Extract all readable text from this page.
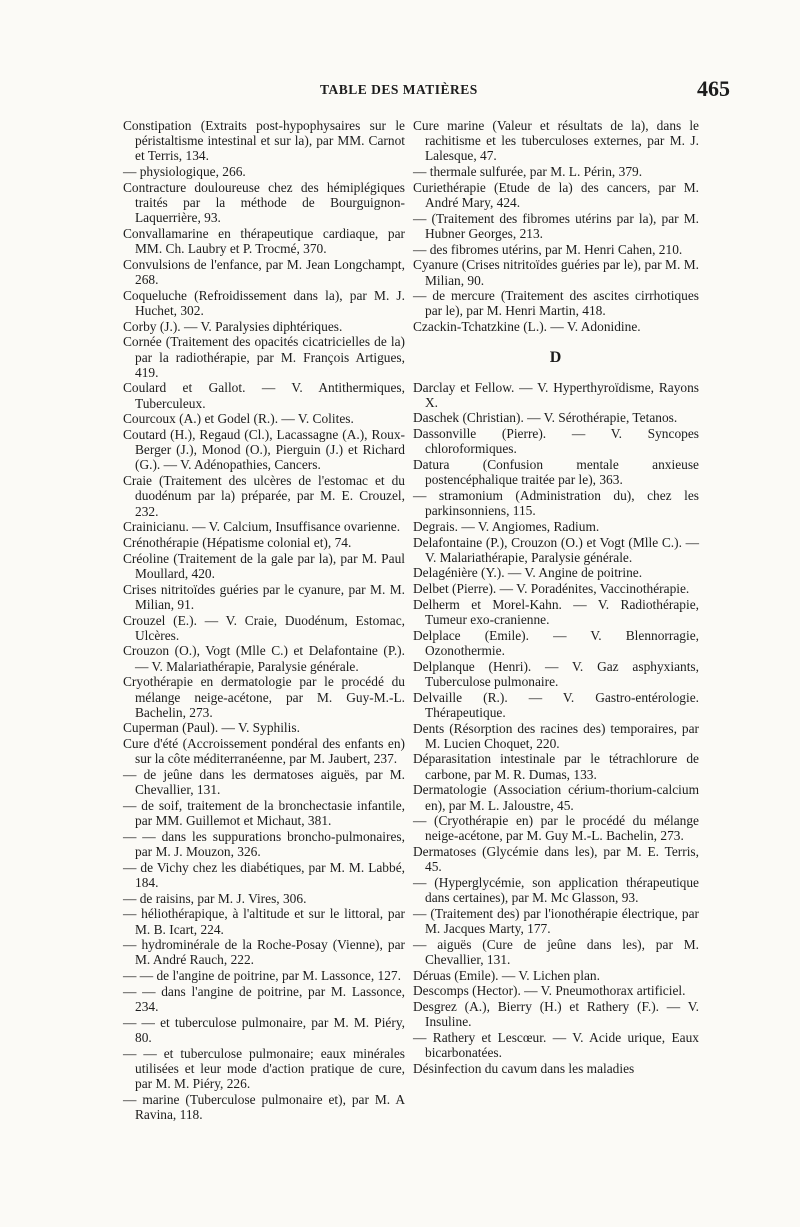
TABLE DES MATIÈRES	465

Constipation (Extraits post-hypophysaires sur le péristaltisme intestinal et sur la), par MM. Carnot et Terris, 134.

— physiologique, 266.

Contracture douloureuse chez des hémiplégiques traités par la méthode de Bourguignon-Laquerrière, 93.

Convallamarine en thérapeutique cardiaque, par MM. Ch. Laubry et P. Trocmé, 370.

Convulsions de l'enfance, par M. Jean Longchampt, 268.

Coqueluche (Refroidissement dans la), par M. J. Huchet, 302.

Corby (J.). — V. Paralysies diphtériques.

Cornée (Traitement des opacités cicatricielles de la) par la radiothérapie, par M. François Artigues, 419.

Coulard et Gallot. — V. Antithermiques, Tuberculeux.

Courcoux (A.) et Godel (R.). — V. Colites.

Coutard (H.), Regaud (Cl.), Lacassagne (A.), Roux-Berger (J.), Monod (O.), Pierguin (J.) et Richard (G.). — V. Adénopathies, Cancers.

Craie (Traitement des ulcères de l'estomac et du duodénum par la) préparée, par M. E. Crouzel, 232.

Crainicianu. — V. Calcium, Insuffisance ovarienne.

Crénothérapie (Hépatisme colonial et), 74.

Créoline (Traitement de la gale par la), par M. Paul Moullard, 420.

Crises nitritoïdes guéries par le cyanure, par M. M. Milian, 91.

Crouzel (E.). — V. Craie, Duodénum, Estomac, Ulcères.

Crouzon (O.), Vogt (Mlle C.) et Delafontaine (P.). — V. Malariathérapie, Paralysie générale.

Cryothérapie en dermatologie par le procédé du mélange neige-acétone, par M. Guy-M.-L. Bachelin, 273.

Cuperman (Paul). — V. Syphilis.

Cure d'été (Accroissement pondéral des enfants en) sur la côte méditerranéenne, par M. Jaubert, 237.

— de jeûne dans les dermatoses aiguës, par M. Chevallier, 131.

— de soif, traitement de la bronchectasie infantile, par MM. Guillemot et Michaut, 381.

— — dans les suppurations broncho-pulmonaires, par M. J. Mouzon, 326.

— de Vichy chez les diabétiques, par M. M. Labbé, 184.

— de raisins, par M. J. Vires, 306.

— héliothérapique, à l'altitude et sur le littoral, par M. B. Icart, 224.

— hydrominérale de la Roche-Posay (Vienne), par M. André Rauch, 222.

— — de l'angine de poitrine, par M. Lassonce, 127.

— — dans l'angine de poitrine, par M. Lassonce, 234.

— — et tuberculose pulmonaire, par M. M. Piéry, 80.

— — et tuberculose pulmonaire; eaux minérales utilisées et leur mode d'action pratique de cure, par M. M. Piéry, 226.

— marine (Tuberculose pulmonaire et), par M. A Ravina, 118.

Cure marine (Valeur et résultats de la), dans le rachitisme et les tuberculoses externes, par M. J. Lalesque, 47.

— thermale sulfurée, par M. L. Périn, 379.

Curiethérapie (Etude de la) des cancers, par M. André Mary, 424.

— (Traitement des fibromes utérins par la), par M. Hubner Georges, 213.

— des fibromes utérins, par M. Henri Cahen, 210.

Cyanure (Crises nitritoïdes guéries par le), par M. M. Milian, 90.

— de mercure (Traitement des ascites cirrhotiques par le), par M. Henri Martin, 418.

Czackin-Tchatzkine (L.). — V. Adonidine.

D

Darclay et Fellow. — V. Hyperthyroïdisme, Rayons X.

Daschek (Christian). — V. Sérothérapie, Tetanos.

Dassonville (Pierre). — V. Syncopes chloroformiques.

Datura (Confusion mentale anxieuse postencéphalique traitée par le), 363.

— stramonium (Administration du), chez les parkinsonniens, 115.

Degrais. — V. Angiomes, Radium.

Delafontaine (P.), Crouzon (O.) et Vogt (Mlle C.). — V. Malariathérapie, Paralysie générale.

Delagénière (Y.). — V. Angine de poitrine.

Delbet (Pierre). — V. Poradénites, Vaccinothérapie.

Delherm et Morel-Kahn. — V. Radiothérapie, Tumeur exo-cranienne.

Delplace (Emile). — V. Blennorragie, Ozonothermie.

Delplanque (Henri). — V. Gaz asphyxiants, Tuberculose pulmonaire.

Delvaille (R.). — V. Gastro-entérologie. Thérapeutique.

Dents (Résorption des racines des) temporaires, par M. Lucien Choquet, 220.

Déparasitation intestinale par le tétrachlorure de carbone, par M. R. Dumas, 133.

Dermatologie (Association cérium-thorium-calcium en), par M. L. Jaloustre, 45.

— (Cryothérapie en) par le procédé du mélange neige-acétone, par M. Guy M.-L. Bachelin, 273.

Dermatoses (Glycémie dans les), par M. E. Terris, 45.

— (Hyperglycémie, son application thérapeutique dans certaines), par M. Mc Glasson, 93.

— (Traitement des) par l'ionothérapie électrique, par M. Jacques Marty, 177.

— aiguës (Cure de jeûne dans les), par M. Chevallier, 131.

Déruas (Emile). — V. Lichen plan.

Descomps (Hector). — V. Pneumothorax artificiel.

Desgrez (A.), Bierry (H.) et Rathery (F.). — V. Insuline.

— Rathery et Lescœur. — V. Acide urique, Eaux bicarbonatées.

Désinfection du cavum dans les maladies
